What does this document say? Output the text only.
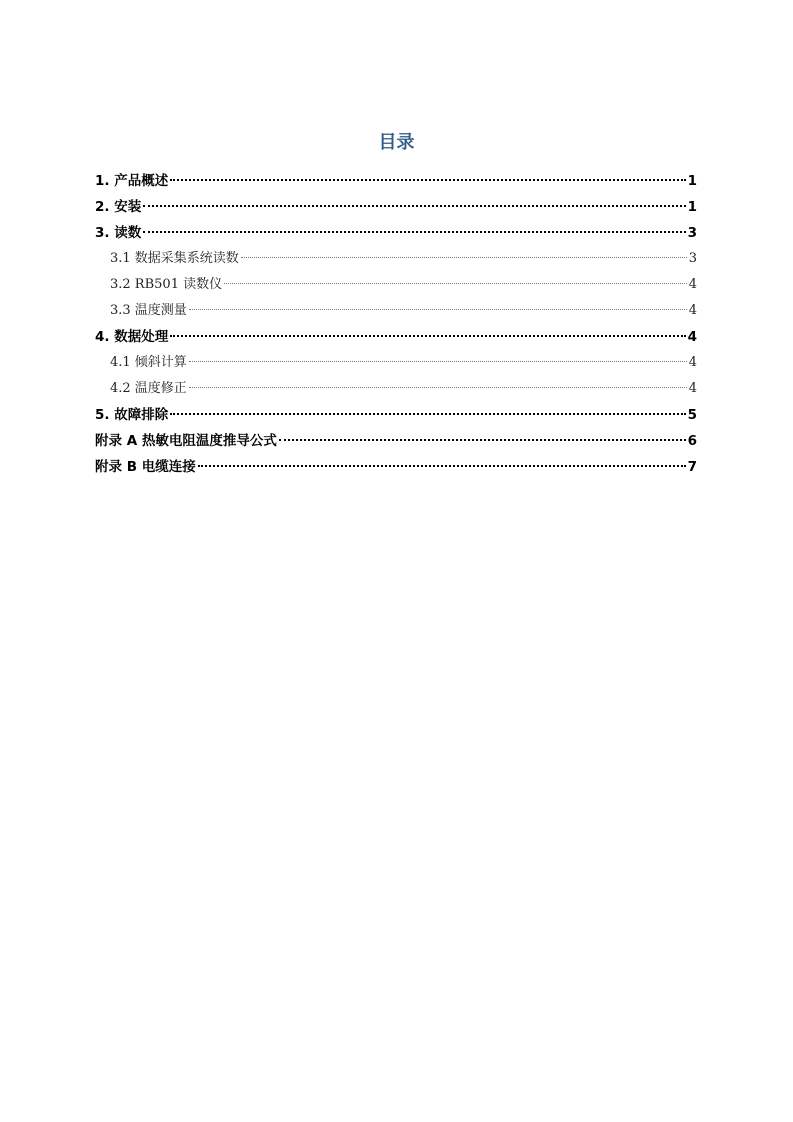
目录
1. 产品概述	1
2. 安装	1
3. 读数	3
3.1 数据采集系统读数	3
3.2 RB501 读数仪	4
3.3 温度测量	4
4. 数据处理	4
4.1 倾斜计算	4
4.2 温度修正	4
5. 故障排除	5
附录 A 热敏电阻温度推导公式	6
附录 B 电缆连接	7
